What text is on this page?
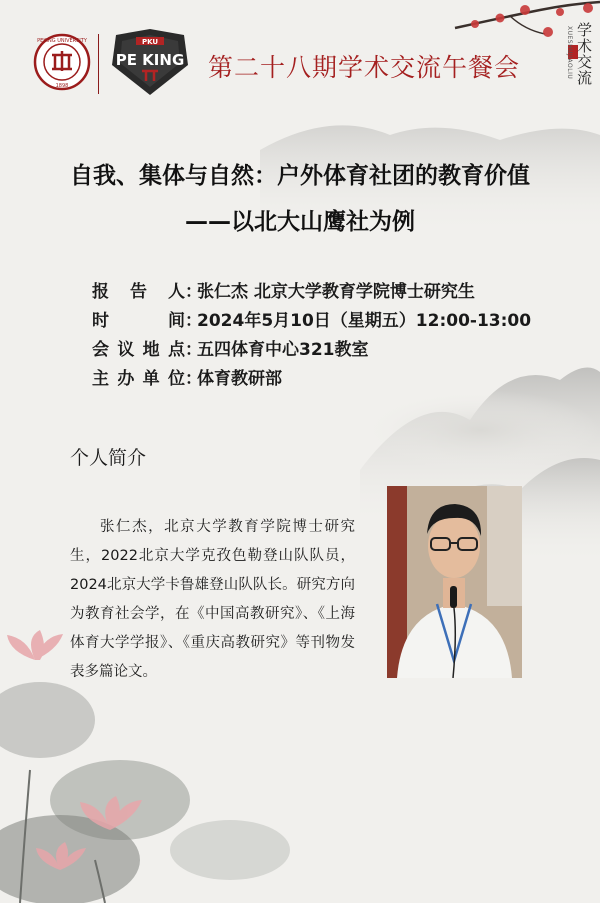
PEKING UNIVERSITY
1898
PKU
PE KING 第二十八期学术交流午餐会	学术交流
XUESHUJIAOLIU
自我、集体与自然：户外体育社团的教育价值
——以北大山鹰社为例
报 告 人 ：
张仁杰 北京大学教育学院博士研究生
时	间 ：
2024年5月10日（星期五）12:00-13:00
会 议 地 点 ：
五四体育中心321教室
主 办 单 位 ：
体育教研部
个人简介
张仁杰，北京大学教育学院博士研究生，2022北京大学克孜色勒登山队队员，2024北京大学卡鲁雄登山队队长。研究方向为教育社会学，在《中国高教研究》、《上海体育大学学报》、《重庆高教研究》等刊物发表多篇论文。
